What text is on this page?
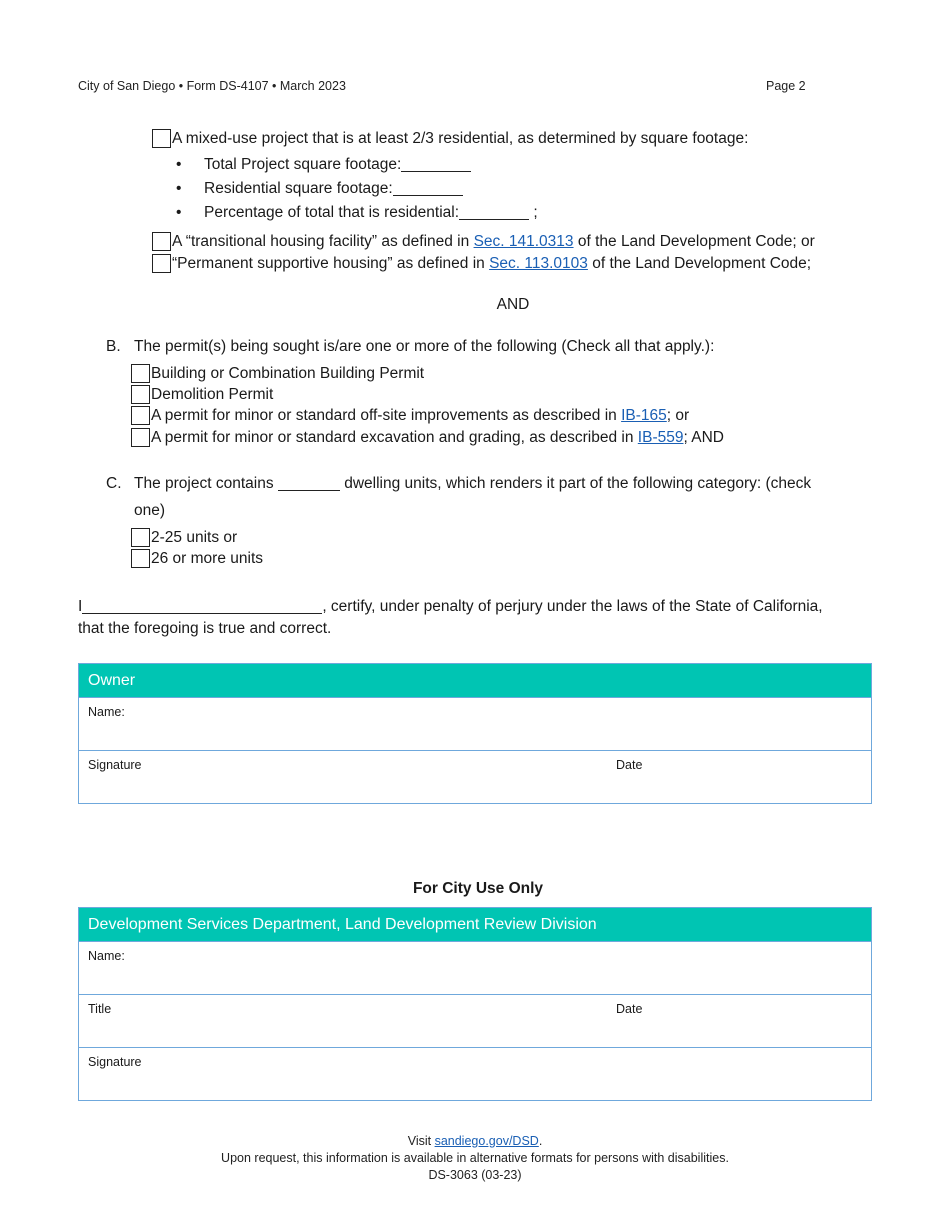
City of San Diego • Form DS-4107 • March 2023	Page 2
A mixed-use project that is at least 2/3 residential, as determined by square footage:
• Total Project square footage:
• Residential square footage:
• Percentage of total that is residential:	;
A “transitional housing facility” as defined in Sec. 141.0313 of the Land Development Code; or
“Permanent supportive housing” as defined in Sec. 113.0103 of the Land Development Code;
AND
B. The permit(s) being sought is/are one or more of the following (Check all that apply.):
Building or Combination Building Permit
Demolition Permit
A permit for minor or standard off-site improvements as described in IB-165 ; or
A permit for minor or standard excavation and grading, as described in IB-559 ; AND
C. The project contains	dwelling units, which renders it part of the following category: (check
one)
2-25 units or
26 or more units
I	, certify, under penalty of perjury under the laws of the State of California,
that the foregoing is true and correct.
Owner
Name:
Signature	Date
For City Use Only
Development Services Department, Land Development Review Division
Name:
Title	Date
Signature
Visit sandiego.gov/DSD.
Upon request, this information is available in alternative formats for persons with disabilities.
DS-3063 (03-23)
